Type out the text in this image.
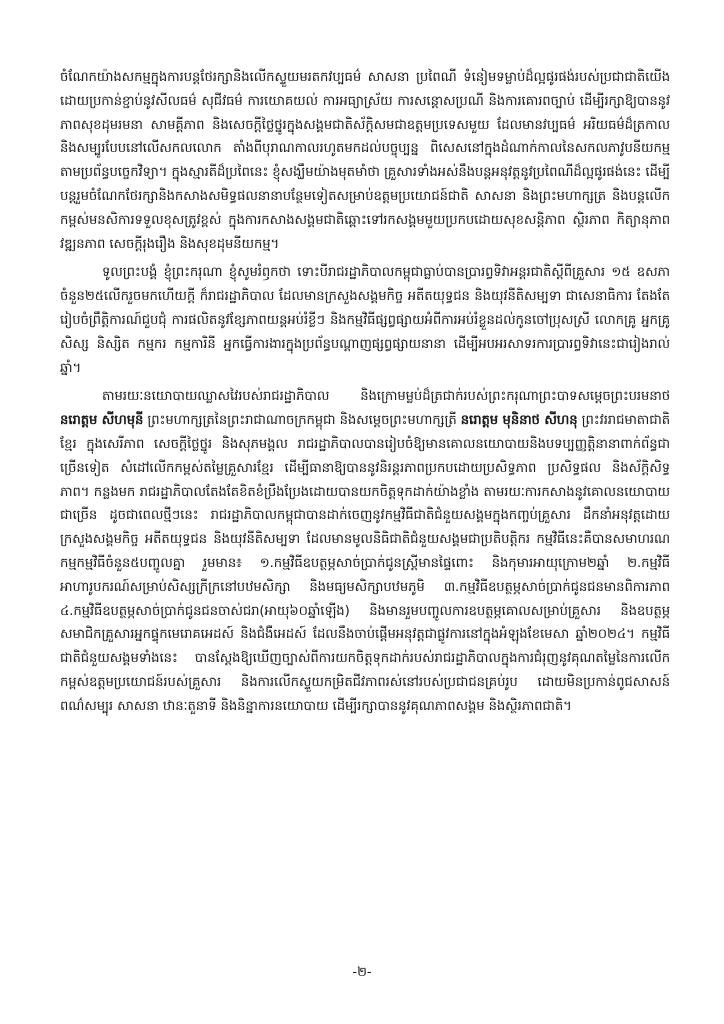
ចំណែកយ៉ាងសកម្មក្នុងការបន្តថែរក្សានិងលើកស្ទួយមរតកវប្បធម៌ សាសនា ប្រពៃណី ទំនៀមទម្លាប់ដ៏ល្អផូរផង់របស់ប្រជាជាតិយើង ដោយប្រកាន់ខ្ជាប់នូវសីលធម៌ សុជីវធម៌ ការយោគយល់ ការអធ្យាស្រ័យ ការសន្តោសប្រណី និងការគោរពច្បាប់ ដើម្បីរក្សាឱ្យបាននូវភាពសុខដុមរមនា សាមគ្គីភាព និងសេចក្តីថ្លៃថ្នូរក្នុងសង្គមជាតិស័ក្តិសមជាឧត្តមប្រទេសមួយ ដែលមានវប្បធម៌ អរិយធម៌ដ៏ត្រកាលនិងសម្បូរបែបនៅលើសកលលោក តាំងពីបុរាណកាលរហូតមកដល់បច្ចុប្បន្ន ពិសេសនៅក្នុងដំណាក់កាលនៃសកលភាវូបនីយកម្មតាមប្រព័ន្ធបច្ចេកវិទ្យា។ ក្នុងស្មារតីដ៏ប្រពៃនេះ ខ្ញុំសង្ឃឹមយ៉ាងមុតមាំថា គ្រួសារទាំងអស់នឹងបន្តអនុវត្តនូវប្រពៃណីដ៏ល្អផូរផង់នេះ ដើម្បីបន្តរួមចំណែកថែរក្សានិងកសាងសមិទ្ធផលនានាបន្ថែមទៀតសម្រាប់ឧត្តមប្រយោជន៍ជាតិ សាសនា និងព្រះមហាក្សត្រ និងបន្តលើកកម្ពស់មនសិការទទួលខុសត្រូវខ្ពស់ ក្នុងការកសាងសង្គមជាតិឆ្ពោះទៅរកសង្គមមួយប្រកបដោយសុខសន្តិភាព ស្ថិរភាព កិត្យានុភាព វឌ្ឍនភាព សេចក្តីរុងរឿង និងសុខដុមនីយកម្ម។

ទូលព្រះបង្គំ ខ្ញុំព្រះករុណា ខ្ញុំសូមរំឭកថា ទោះបីរាជរដ្ឋាភិបាលកម្ពុជាធ្លាប់បានប្រារព្ធទិវាអន្តរជាតិស្តីពីគ្រួសារ ១៥ ឧសភា ចំនួន២៥លើករួចមកហើយក្តី ក៏រាជរដ្ឋាភិបាល ដែលមានក្រសួងសង្គមកិច្ច អតីតយុទ្ធជន និងយុវនីតិសម្បទា ជាសេនាធិការ តែងតែរៀបចំព្រឹត្តិការណ៍ជួបជុំ ការផលិតនូវខ្សែភាពយន្តអប់រំខ្លីៗ និងកម្មវិធីផ្សព្វផ្សាយអំពីការអប់រំខ្លួនដល់កូនចៅប្រុសស្រី លោកគ្រូ អ្នកគ្រូ សិស្ស និស្សិត កម្មករ កម្មការិនី អ្នកធ្វើការងារក្នុងប្រព័ន្ធបណ្តាញផ្សព្វផ្សាយនានា ដើម្បីអបអរសាទរការប្រារព្ធទិវានេះជារៀងរាល់ឆ្នាំ។

តាមរយៈនយោបាយឈ្លាសវៃរបស់រាជរដ្ឋាភិបាល និងក្រោមម្លប់ដ៏ត្រជាក់របស់ព្រះករុណាព្រះបាទសម្តេចព្រះបរមនាថ នរោត្តម សីហមុនី ព្រះមហាក្សត្រនៃព្រះរាជាណាចក្រកម្ពុជា និងសម្តេចព្រះមហាក្សត្រី នរោត្តម មុនិនាថ សីហនុ ព្រះវររាជមាតាជាតិខ្មែរ ក្នុងសេរីភាព សេចក្តីថ្លៃថ្នូរ និងសុភមង្គល រាជរដ្ឋាភិបាលបានរៀបចំឱ្យមានគោលនយោបាយនិងបទប្បញ្ញត្តិនានាពាក់ព័ន្ធជាច្រើនទៀត សំដៅលើកកម្ពស់តម្លៃគ្រួសារខ្មែរ ដើម្បីធានាឱ្យបាននូវនិរន្តរភាពប្រកបដោយប្រសិទ្ធភាព ប្រសិទ្ធផល និងស័ក្តិសិទ្ធភាព។ កន្លងមក រាជរដ្ឋាភិបាលតែងតែខិតខំប្រឹងប្រែងដោយបានយកចិត្តទុកដាក់យ៉ាងខ្លាំង តាមរយៈការកសាងនូវគោលនយោបាយជាច្រើន ដូចជាពេលថ្មីៗនេះ រាជរដ្ឋាភិបាលកម្ពុជាបានដាក់ចេញនូវកម្មវិធីជាតិជំនួយសង្គមក្នុងកញ្ចប់គ្រួសារ ដឹកនាំអនុវត្តដោយក្រសួងសង្គមកិច្ច អតីតយុទ្ធជន និងយុវនីតិសម្បទា ដែលមានមូលនិធិជាតិជំនួយសង្គមជាប្រតិបត្តិករ កម្មវិធីនេះគឺបានសមាហរណកម្មកម្មវិធីចំនួន៥បញ្ចូលគ្នា រួមមាន៖ ១.កម្មវិធីឧបត្ថម្ភសាច់ប្រាក់ជូនស្ត្រីមានផ្ទៃពោះ និងកុមារអាយុក្រោម២ឆ្នាំ ២.កម្មវិធីអាហារូបករណ៍សម្រាប់សិស្សក្រីក្រនៅបឋមសិក្សា និងមធ្យមសិក្សាបឋមភូមិ ៣.កម្មវិធីឧបត្ថម្ភសាច់ប្រាក់ជូនជនមានពិការភាព ៤.កម្មវិធីឧបត្ថម្ភសាច់ប្រាក់ជូនជនចាស់ជរា(អាយុ៦០ឆ្នាំឡើង) និងមានរួមបញ្ចូលការឧបត្ថម្ភគោលសម្រាប់គ្រួសារ និងឧបត្ថម្ភសមាជិកគ្រួសារអ្នកផ្ទុកមេរោគអេដស៍ និងជំងឺអេដស៍ ដែលនឹងចាប់ផ្តើមអនុវត្តជាផ្លូវការនៅក្នុងអំឡុងខែមេសា ឆ្នាំ២០២៤។ កម្មវិធីជាតិជំនួយសង្គមទាំងនេះ បានស្តែងឱ្យឃើញច្បាស់ពីការយកចិត្តទុកដាក់របស់រាជរដ្ឋាភិបាលក្នុងការជំរុញនូវគុណតម្លៃនៃការលើកកម្ពស់ឧត្តមប្រយោជន៍របស់គ្រួសារ និងការលើកស្ទួយកម្រិតជីវភាពរស់នៅរបស់ប្រជាជនគ្រប់រូប ដោយមិនប្រកាន់ពូជសាសន៍ ពណ៌សម្បុរ សាសនា ឋានៈតួនាទី និងនិន្នាការនយោបាយ ដើម្បីរក្សាបាននូវគុណភាពសង្គម និងស្ថិរភាពជាតិ។

-២-
